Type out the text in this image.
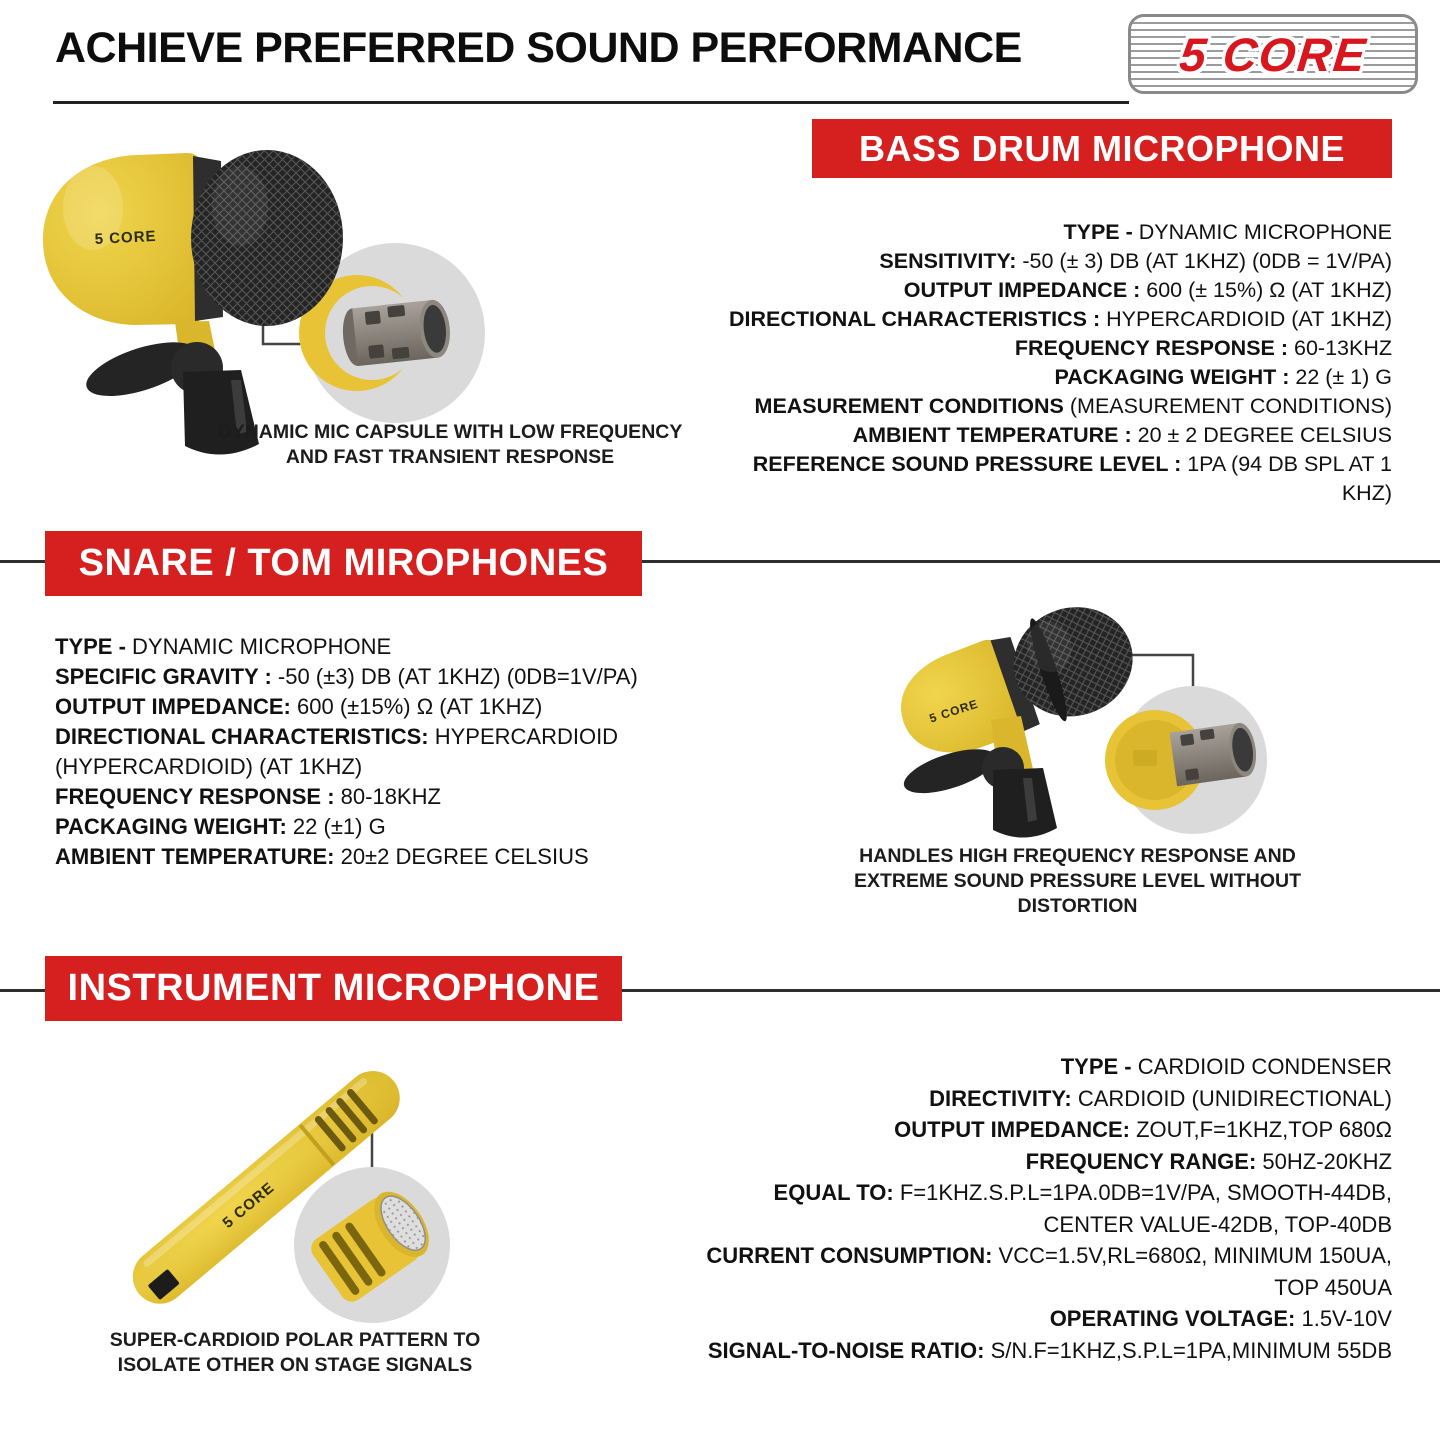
ACHIEVE PREFERRED SOUND PERFORMANCE	5 CORE
BASS DRUM MICROPHONE
TYPE - DYNAMIC MICROPHONE
SENSITIVITY: -50 (± 3) DB (AT 1KHZ) (0DB = 1V/PA)
OUTPUT IMPEDANCE : 600 (± 15%) Ω (AT 1KHZ)
DIRECTIONAL CHARACTERISTICS : HYPERCARDIOID (AT 1KHZ)
FREQUENCY RESPONSE : 60-13KHZ
PACKAGING WEIGHT : 22 (± 1) G
MEASUREMENT CONDITIONS (MEASUREMENT CONDITIONS)
AMBIENT TEMPERATURE : 20 ± 2 DEGREE CELSIUS
REFERENCE SOUND PRESSURE LEVEL : 1PA (94 DB SPL AT 1 KHZ)
5 CORE
DYNAMIC MIC CAPSULE WITH LOW FREQUENCY AND FAST TRANSIENT RESPONSE
SNARE / TOM MIROPHONES
TYPE - DYNAMIC MICROPHONE
SPECIFIC GRAVITY : -50 (±3) DB (AT 1KHZ) (0DB=1V/PA)
OUTPUT IMPEDANCE: 600 (±15%) Ω (AT 1KHZ)
DIRECTIONAL CHARACTERISTICS: HYPERCARDIOID (HYPERCARDIOID) (AT 1KHZ)
FREQUENCY RESPONSE : 80-18KHZ
PACKAGING WEIGHT: 22 (±1) G
AMBIENT TEMPERATURE: 20±2 DEGREE CELSIUS
5 CORE
HANDLES HIGH FREQUENCY RESPONSE AND EXTREME SOUND PRESSURE LEVEL WITHOUT DISTORTION
INSTRUMENT MICROPHONE
5 CORE
SUPER-CARDIOID POLAR PATTERN TO ISOLATE OTHER ON STAGE SIGNALS
TYPE - CARDIOID CONDENSER
DIRECTIVITY: CARDIOID (UNIDIRECTIONAL)
OUTPUT IMPEDANCE: ZOUT,F=1KHZ,TOP 680Ω
FREQUENCY RANGE: 50HZ-20KHZ
EQUAL TO: F=1KHZ.S.P.L=1PA.0DB=1V/PA, SMOOTH-44DB, CENTER VALUE-42DB, TOP-40DB
CURRENT CONSUMPTION: VCC=1.5V,RL=680Ω, MINIMUM 150UA, TOP 450UA
OPERATING VOLTAGE: 1.5V-10V
SIGNAL-TO-NOISE RATIO: S/N.F=1KHZ,S.P.L=1PA,MINIMUM 55DB
